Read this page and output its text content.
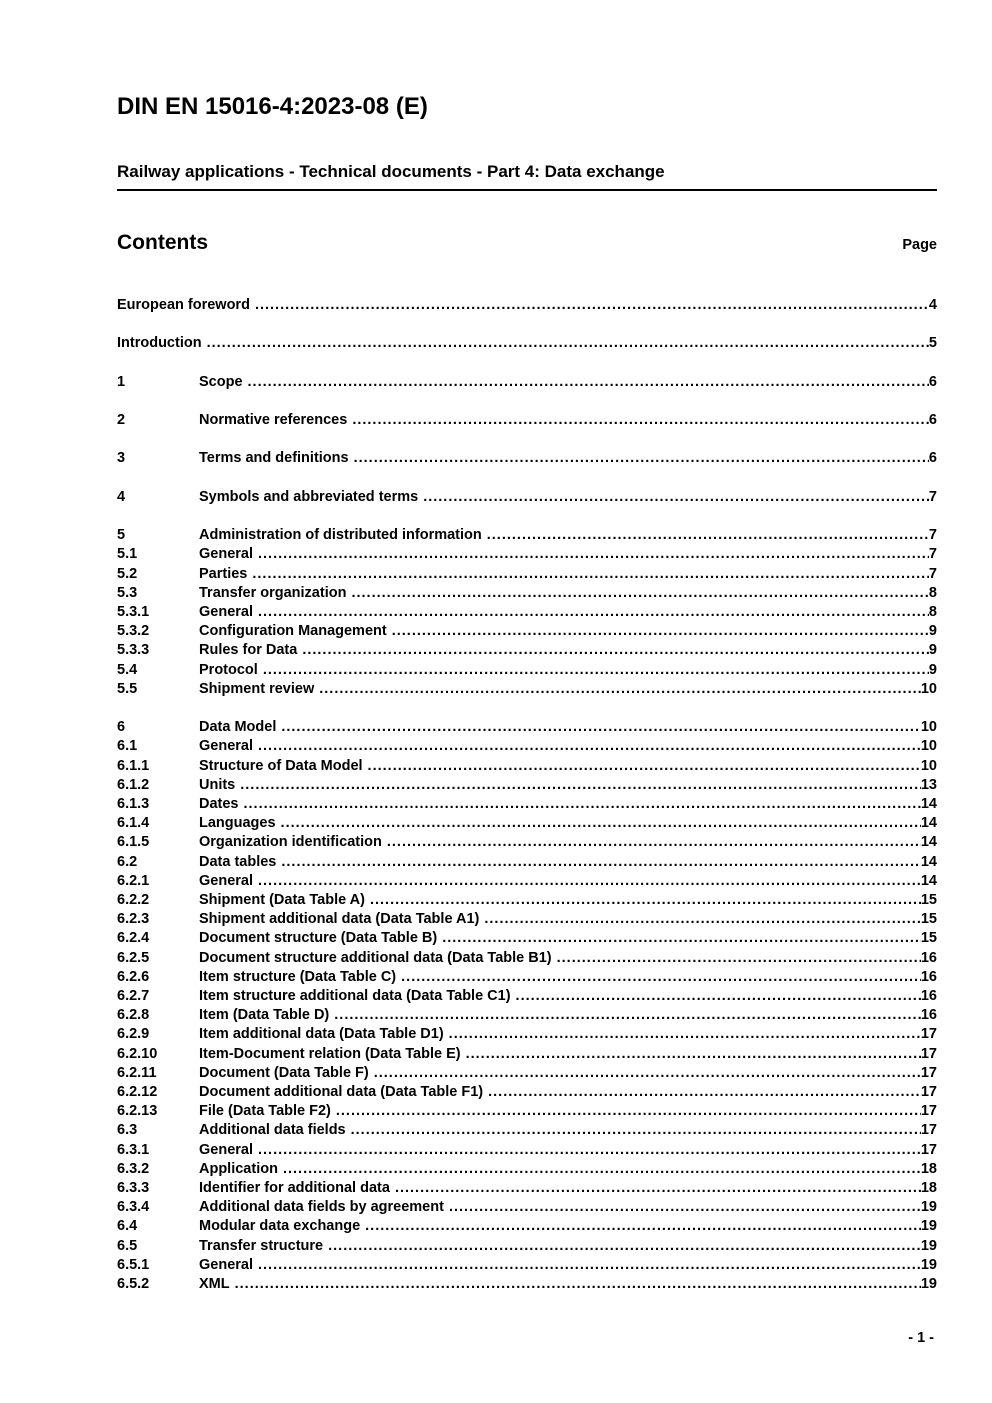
DIN EN 15016-4:2023-08 (E)
Railway applications - Technical documents - Part 4: Data exchange
Contents	Page
European foreword .....	4
Introduction .....	5
1	Scope .....	6
2	Normative references .....	6
3	Terms and definitions .....	6
4	Symbols and abbreviated terms .....	7
5	Administration of distributed information .....	7
5.1	General .....	7
5.2	Parties .....	7
5.3	Transfer organization .....	8
5.3.1	General .....	8
5.3.2	Configuration Management .....	9
5.3.3	Rules for Data .....	9
5.4	Protocol .....	9
5.5	Shipment review .....	10
6	Data Model .....	10
6.1	General .....	10
6.1.1	Structure of Data Model .....	10
6.1.2	Units .....	13
6.1.3	Dates .....	14
6.1.4	Languages .....	14
6.1.5	Organization identification .....	14
6.2	Data tables .....	14
6.2.1	General .....	14
6.2.2	Shipment (Data Table A) .....	15
6.2.3	Shipment additional data (Data Table A1) .....	15
6.2.4	Document structure (Data Table B) .....	15
6.2.5	Document structure additional data (Data Table B1) .....	16
6.2.6	Item structure (Data Table C) .....	16
6.2.7	Item structure additional data (Data Table C1) .....	16
6.2.8	Item (Data Table D) .....	16
6.2.9	Item additional data (Data Table D1) .....	17
6.2.10	Item-Document relation (Data Table E) .....	17
6.2.11	Document (Data Table F) .....	17
6.2.12	Document additional data (Data Table F1) .....	17
6.2.13	File (Data Table F2) .....	17
6.3	Additional data fields .....	17
6.3.1	General .....	17
6.3.2	Application .....	18
6.3.3	Identifier for additional data .....	18
6.3.4	Additional data fields by agreement .....	19
6.4	Modular data exchange .....	19
6.5	Transfer structure .....	19
6.5.1	General .....	19
6.5.2	XML .....	19
- 1 -
